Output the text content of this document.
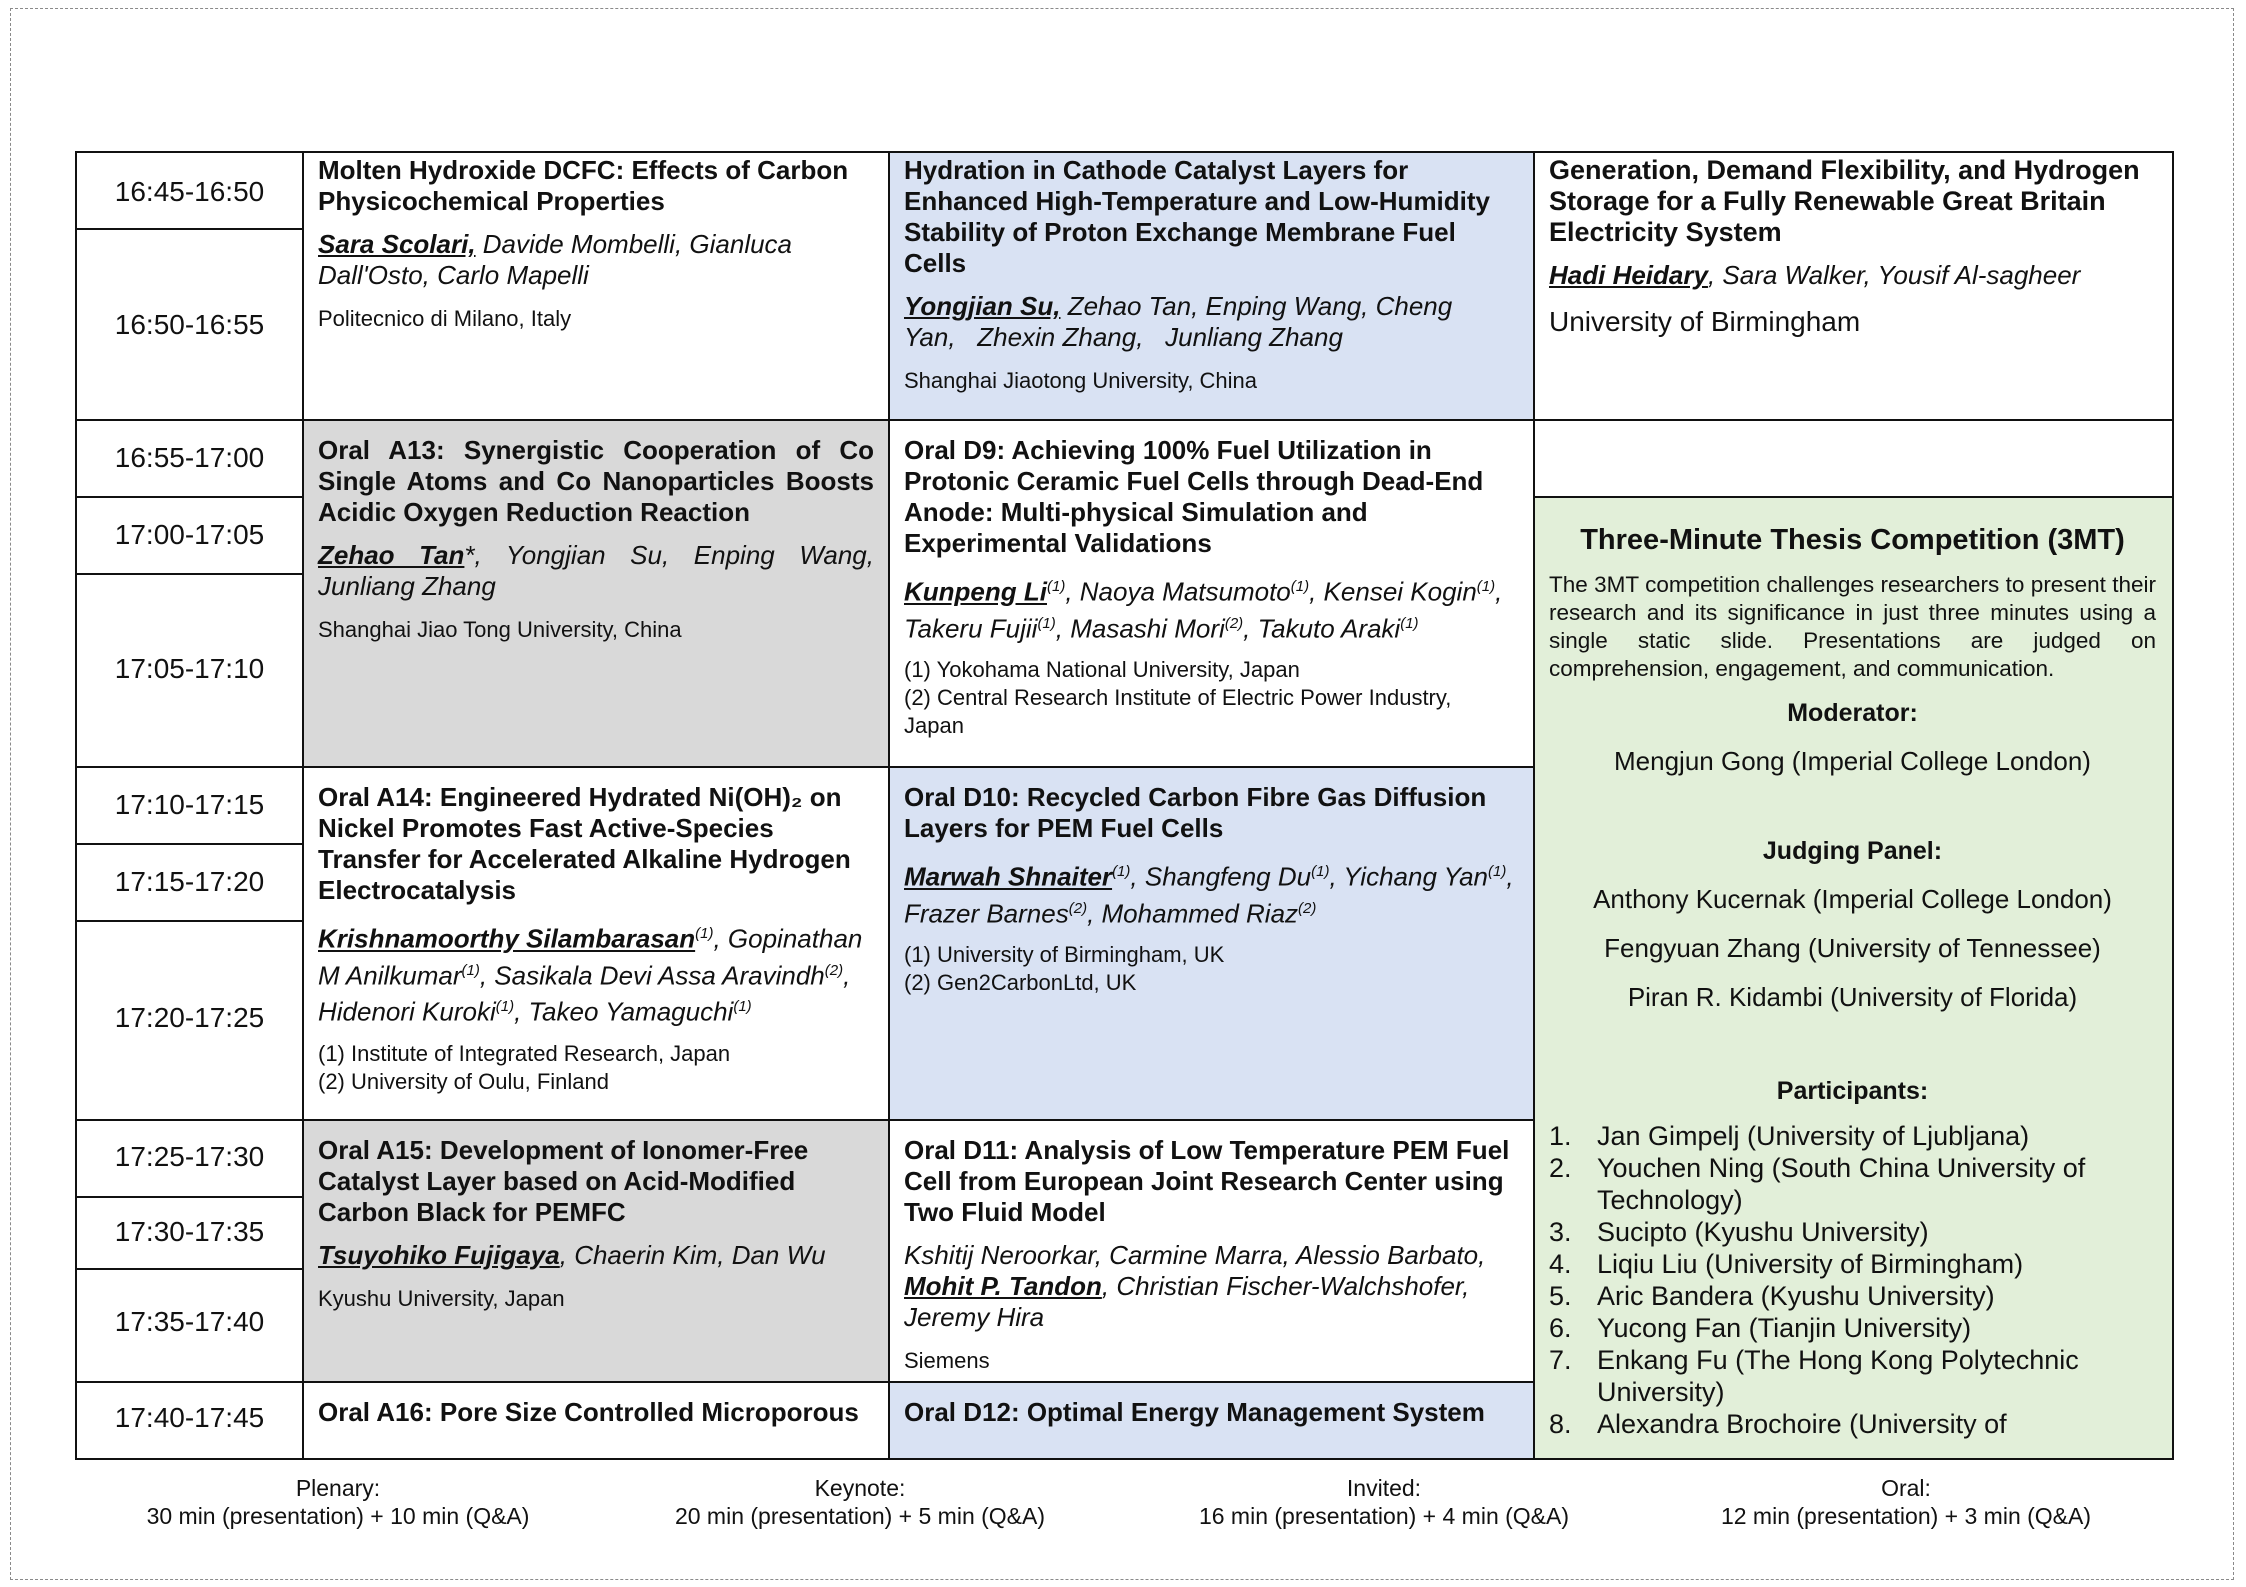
16:45-16:50
16:50-16:55
16:55-17:00
17:00-17:05
17:05-17:10
17:10-17:15
17:15-17:20
17:20-17:25
17:25-17:30
17:30-17:35
17:35-17:40
17:40-17:45

Molten Hydroxide DCFC: Effects of Carbon Physicochemical Properties

Sara Scolari, Davide Mombelli, Gianluca Dall'Osto, Carlo Mapelli
Politecnico di Milano, Italy

Oral A13: Synergistic Cooperation of Co Single Atoms and Co Nanoparticles Boosts Acidic Oxygen Reduction Reaction

Zehao Tan*, Yongjian Su, Enping Wang, Junliang Zhang
Shanghai Jiao Tong University, China

Oral A14: Engineered Hydrated Ni(OH)₂ on Nickel Promotes Fast Active-Species Transfer for Accelerated Alkaline Hydrogen Electrocatalysis

Krishnamoorthy Silambarasan$^{(1)}$, Gopinathan M Anilkumar$^{(1)}$, Sasikala Devi Assa Aravindh$^{(2)}$, Hidenori Kuroki$^{(1)}$, Takeo Yamaguchi$^{(1)}$
(1) Institute of Integrated Research, Japan
(2) University of Oulu, Finland

Oral A15: Development of Ionomer-Free Catalyst Layer based on Acid-Modified Carbon Black for PEMFC

Tsuyohiko Fujigaya, Chaerin Kim, Dan Wu
Kyushu University, Japan

Oral A16: Pore Size Controlled Microporous

Hydration in Cathode Catalyst Layers for Enhanced High-Temperature and Low-Humidity Stability of Proton Exchange Membrane Fuel Cells

Yongjian Su, Zehao Tan, Enping Wang, Cheng Yan,   Zhexin Zhang,   Junliang Zhang
Shanghai Jiaotong University, China

Oral D9: Achieving 100% Fuel Utilization in Protonic Ceramic Fuel Cells through Dead-End Anode: Multi-physical Simulation and Experimental Validations

Kunpeng Li$^{(1)}$, Naoya Matsumoto$^{(1)}$, Kensei Kogin$^{(1)}$, Takeru Fujii$^{(1)}$, Masashi Mori$^{(2)}$, Takuto Araki$^{(1)}$
(1) Yokohama National University, Japan
(2) Central Research Institute of Electric Power Industry, Japan

Oral D10: Recycled Carbon Fibre Gas Diffusion Layers for PEM Fuel Cells

Marwah Shnaiter$^{(1)}$, Shangfeng Du$^{(1)}$, Yichang Yan$^{(1)}$, Frazer Barnes$^{(2)}$, Mohammed Riaz$^{(2)}$
(1) University of Birmingham, UK
(2) Gen2CarbonLtd, UK

Oral D11: Analysis of Low Temperature PEM Fuel Cell from European Joint Research Center using Two Fluid Model

Kshitij Neroorkar, Carmine Marra, Alessio Barbato, Mohit P. Tandon, Christian Fischer-Walchshofer, Jeremy Hira
Siemens

Oral D12: Optimal Energy Management System

Generation, Demand Flexibility, and Hydrogen Storage for a Fully Renewable Great Britain Electricity System

Hadi Heidary, Sara Walker, Yousif Al-sagheer
University of Birmingham
Three-Minute Thesis Competition (3MT)
The 3MT competition challenges researchers to present their research and its significance in just three minutes using a single static slide. Presentations are judged on comprehension, engagement, and communication.
Moderator:
Mengjun Gong (Imperial College London)
Judging Panel:
Anthony Kucernak (Imperial College London)
Fengyuan Zhang (University of Tennessee)
Piran R. Kidambi (University of Florida)
Participants:
1. Jan Gimpelj (University of Ljubljana)
2. Youchen Ning (South China University of Technology)
3. Sucipto (Kyushu University)
4. Liqiu Liu (University of Birmingham)
5. Aric Bandera (Kyushu University)
6. Yucong Fan (Tianjin University)
7. Enkang Fu (The Hong Kong Polytechnic University)
8. Alexandra Brochoire (University of
Plenary:
30 min (presentation) + 10 min (Q&A)
Keynote:
20 min (presentation) + 5 min (Q&A)
Invited:
16 min (presentation) + 4 min (Q&A)
Oral:
12 min (presentation) + 3 min (Q&A)
